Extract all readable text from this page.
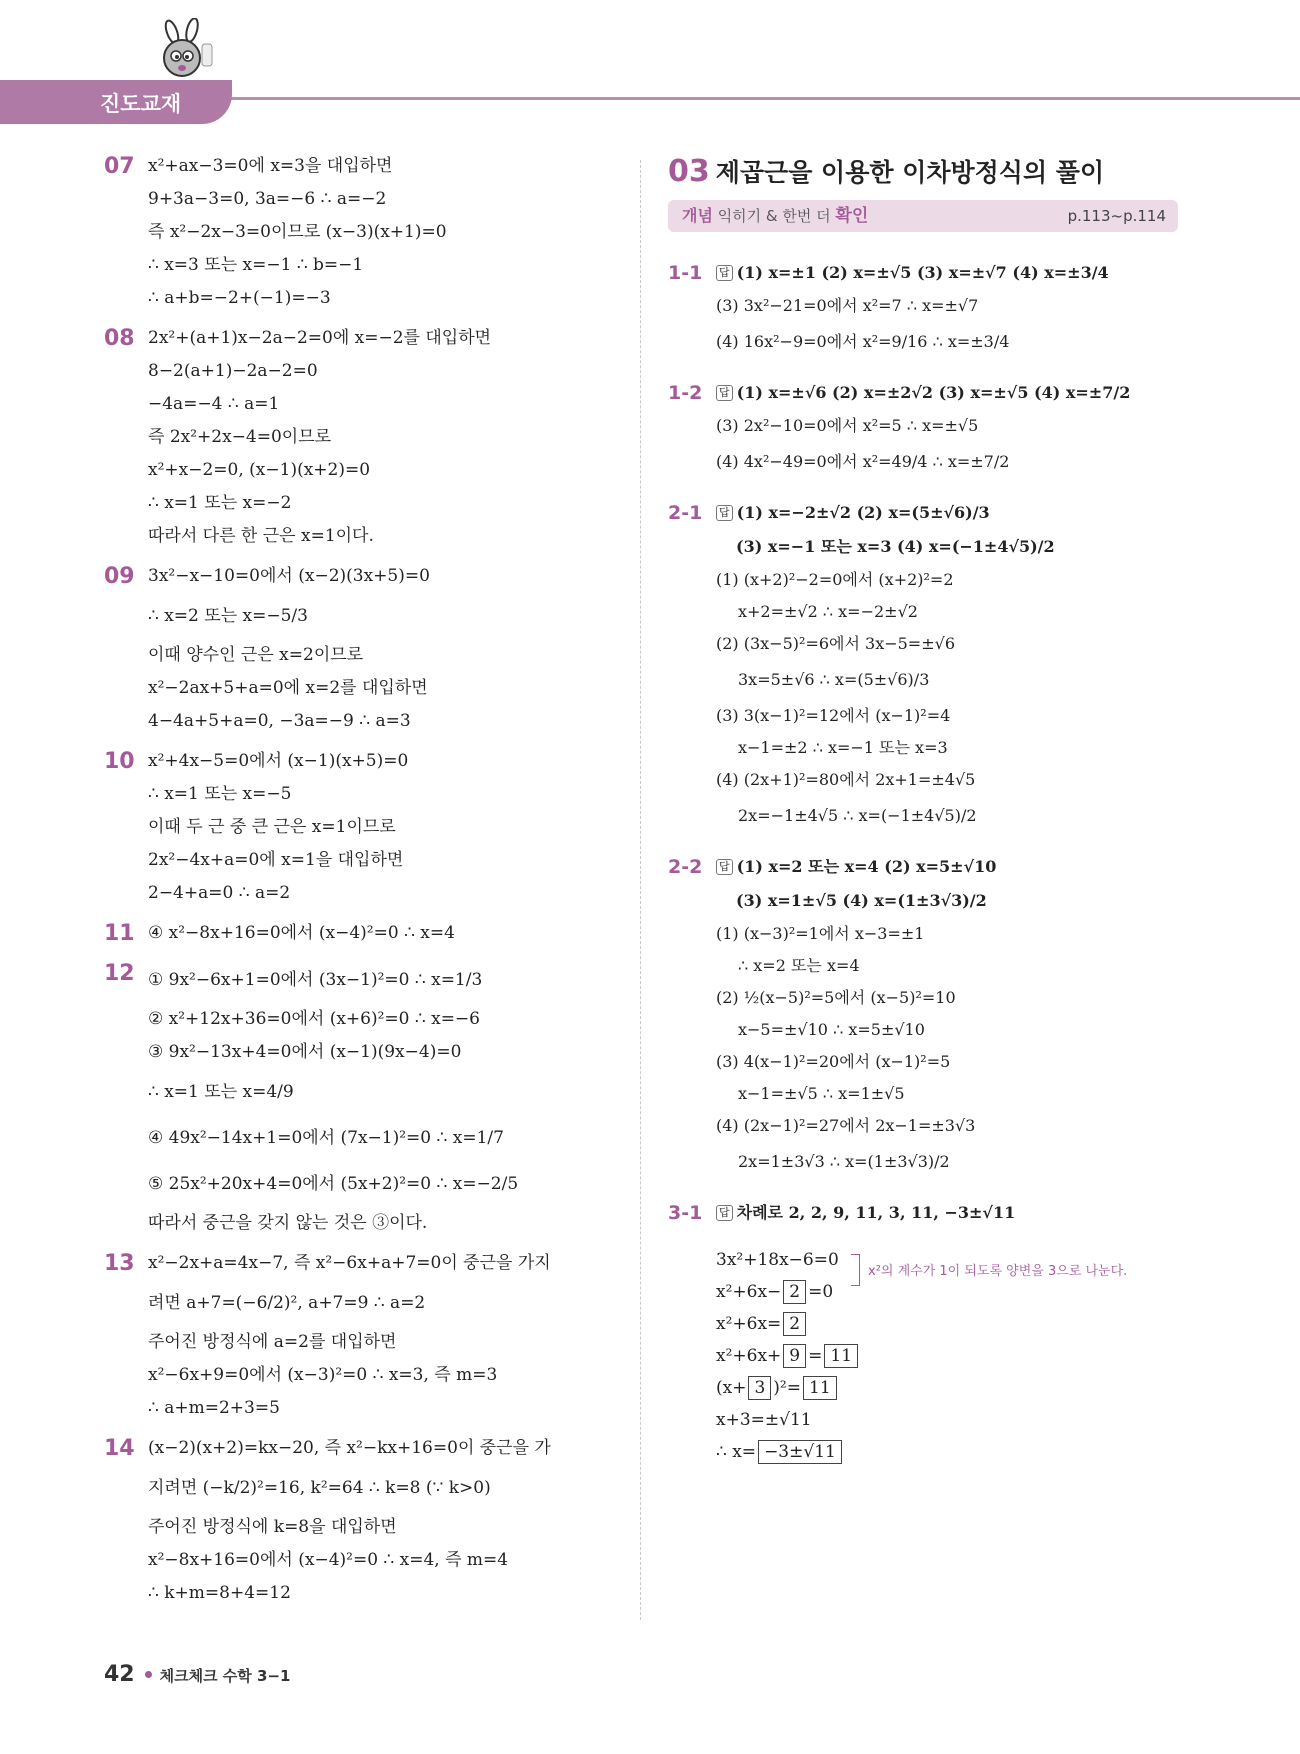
진도교재
07 x²+ax−3=0에 x=3을 대입하면
9+3a−3=0, 3a=−6 ∴ a=−2
즉 x²−2x−3=0이므로 (x−3)(x+1)=0
∴ x=3 또는 x=−1 ∴ b=−1
∴ a+b=−2+(−1)=−3
08 2x²+(a+1)x−2a−2=0에 x=−2를 대입하면
8−2(a+1)−2a−2=0
−4a=−4 ∴ a=1
즉 2x²+2x−4=0이므로
x²+x−2=0, (x−1)(x+2)=0
∴ x=1 또는 x=−2
따라서 다른 한 근은 x=1이다.
09 3x²−x−10=0에서 (x−2)(3x+5)=0
∴ x=2 또는 x=−5/3
이때 양수인 근은 x=2이므로
x²−2ax+5+a=0에 x=2를 대입하면
4−4a+5+a=0, −3a=−9 ∴ a=3
10 x²+4x−5=0에서 (x−1)(x+5)=0
∴ x=1 또는 x=−5
이때 두 근 중 큰 근은 x=1이므로
2x²−4x+a=0에 x=1을 대입하면
2−4+a=0 ∴ a=2
11 ④ x²−8x+16=0에서 (x−4)²=0 ∴ x=4
12 ① 9x²−6x+1=0에서 (3x−1)²=0 ∴ x=1/3
② x²+12x+36=0에서 (x+6)²=0 ∴ x=−6
③ 9x²−13x+4=0에서 (x−1)(9x−4)=0
∴ x=1 또는 x=4/9
④ 49x²−14x+1=0에서 (7x−1)²=0 ∴ x=1/7
⑤ 25x²+20x+4=0에서 (5x+2)²=0 ∴ x=−2/5
따라서 중근을 갖지 않는 것은 ③이다.
13 x²−2x+a=4x−7, 즉 x²−6x+a+7=0이 중근을 가지
려면 a+7=(−6/2)², a+7=9 ∴ a=2
주어진 방정식에 a=2를 대입하면
x²−6x+9=0에서 (x−3)²=0 ∴ x=3, 즉 m=3
∴ a+m=2+3=5
14 (x−2)(x+2)=kx−20, 즉 x²−kx+16=0이 중근을 가
지려면 (−k/2)²=16, k²=64 ∴ k=8 (∵ k>0)
주어진 방정식에 k=8을 대입하면
x²−8x+16=0에서 (x−4)²=0 ∴ x=4, 즉 m=4
∴ k+m=8+4=12
03 제곱근을 이용한 이차방정식의 풀이
개념 익히기 & 한번 더 확인	p.113~p.114
1-1 답 (1) x=±1 (2) x=±√5 (3) x=±√7 (4) x=±3/4
(3) 3x²−21=0에서 x²=7 ∴ x=±√7
(4) 16x²−9=0에서 x²=9/16 ∴ x=±3/4
1-2 답 (1) x=±√6 (2) x=±2√2 (3) x=±√5 (4) x=±7/2
(3) 2x²−10=0에서 x²=5 ∴ x=±√5
(4) 4x²−49=0에서 x²=49/4 ∴ x=±7/2
2-1 답 (1) x=−2±√2 (2) x=(5±√6)/3
(3) x=−1 또는 x=3 (4) x=(−1±4√5)/2
(1) (x+2)²−2=0에서 (x+2)²=2
x+2=±√2 ∴ x=−2±√2
(2) (3x−5)²=6에서 3x−5=±√6
3x=5±√6 ∴ x=(5±√6)/3
(3) 3(x−1)²=12에서 (x−1)²=4
x−1=±2 ∴ x=−1 또는 x=3
(4) (2x+1)²=80에서 2x+1=±4√5
2x=−1±4√5 ∴ x=(−1±4√5)/2
2-2 답 (1) x=2 또는 x=4 (2) x=5±√10
(3) x=1±√5 (4) x=(1±3√3)/2
(1) (x−3)²=1에서 x−3=±1
∴ x=2 또는 x=4
(2) ½(x−5)²=5에서 (x−5)²=10
x−5=±√10 ∴ x=5±√10
(3) 4(x−1)²=20에서 (x−1)²=5
x−1=±√5 ∴ x=1±√5
(4) (2x−1)²=27에서 2x−1=±3√3
2x=1±3√3 ∴ x=(1±3√3)/2
3-1 답 차례로 2, 2, 9, 11, 3, 11, −3±√11
3x²+18x−6=0
x²+6x− 2 =0
x²+6x= 2
x²+6x+ 9 = 11
(x+ 3 )²= 11
x+3=±√11
∴ x= −3±√11
x²의 계수가 1이 되도록 양변을 3으로 나눈다.
42 체크체크 수학 3−1
